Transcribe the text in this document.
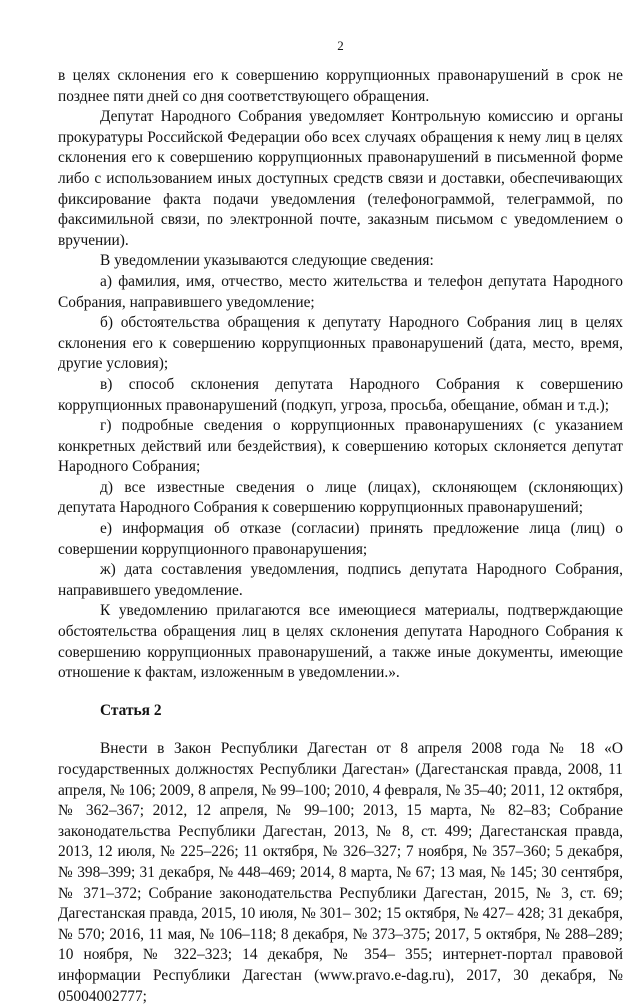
2

в целях склонения его к совершению коррупционных правонарушений в срок не позднее пяти дней со дня соответствующего обращения.

Депутат Народного Собрания уведомляет Контрольную комиссию и органы прокуратуры Российской Федерации обо всех случаях обращения к нему лиц в целях склонения его к совершению коррупционных правонарушений в письменной форме либо с использованием иных доступных средств связи и доставки, обеспечивающих фиксирование факта подачи уведомления (телефонограммой, телеграммой, по факсимильной связи, по электронной почте, заказным письмом с уведомлением о вручении).

В уведомлении указываются следующие сведения:

а) фамилия, имя, отчество, место жительства и телефон депутата Народного Собрания, направившего уведомление;

б) обстоятельства обращения к депутату Народного Собрания лиц в целях склонения его к совершению коррупционных правонарушений (дата, место, время, другие условия);

в) способ склонения депутата Народного Собрания к совершению коррупционных правонарушений (подкуп, угроза, просьба, обещание, обман и т.д.);

г) подробные сведения о коррупционных правонарушениях (с указанием конкретных действий или бездействия), к совершению которых склоняется депутат Народного Собрания;

д) все известные сведения о лице (лицах), склоняющем (склоняющих) депутата Народного Собрания к совершению коррупционных правонарушений;

е) информация об отказе (согласии) принять предложение лица (лиц) о совершении коррупционного правонарушения;

ж) дата составления уведомления, подпись депутата Народного Собрания, направившего уведомление.

К уведомлению прилагаются все имеющиеся материалы, подтверждающие обстоятельства обращения лиц в целях склонения депутата Народного Собрания к совершению коррупционных правонарушений, а также иные документы, имеющие отношение к фактам, изложенным в уведомлении.».

Статья 2

Внести в Закон Республики Дагестан от 8 апреля 2008 года № 18 «О государственных должностях Республики Дагестан» (Дагестанская правда, 2008, 11 апреля, № 106; 2009, 8 апреля, № 99–100; 2010, 4 февраля, № 35–40; 2011, 12 октября, № 362–367; 2012, 12 апреля, № 99–100; 2013, 15 марта, № 82–83; Собрание законодательства Республики Дагестан, 2013, № 8, ст. 499; Дагестанская правда, 2013, 12 июля, № 225–226; 11 октября, № 326–327; 7 ноября, № 357–360; 5 декабря, № 398–399; 31 декабря, № 448–469; 2014, 8 марта, № 67; 13 мая, № 145; 30 сентября, № 371–372; Собрание законодательства Республики Дагестан, 2015, № 3, ст. 69; Дагестанская правда, 2015, 10 июля, № 301– 302; 15 октября, № 427– 428; 31 декабря, № 570; 2016, 11 мая, № 106–118; 8 декабря, № 373–375; 2017, 5 октября, № 288–289; 10 ноября, № 322–323; 14 декабря, № 354– 355; интернет-портал правовой информации Республики Дагестан (www.pravo.e-dag.ru), 2017, 30 декабря, № 05004002777;
